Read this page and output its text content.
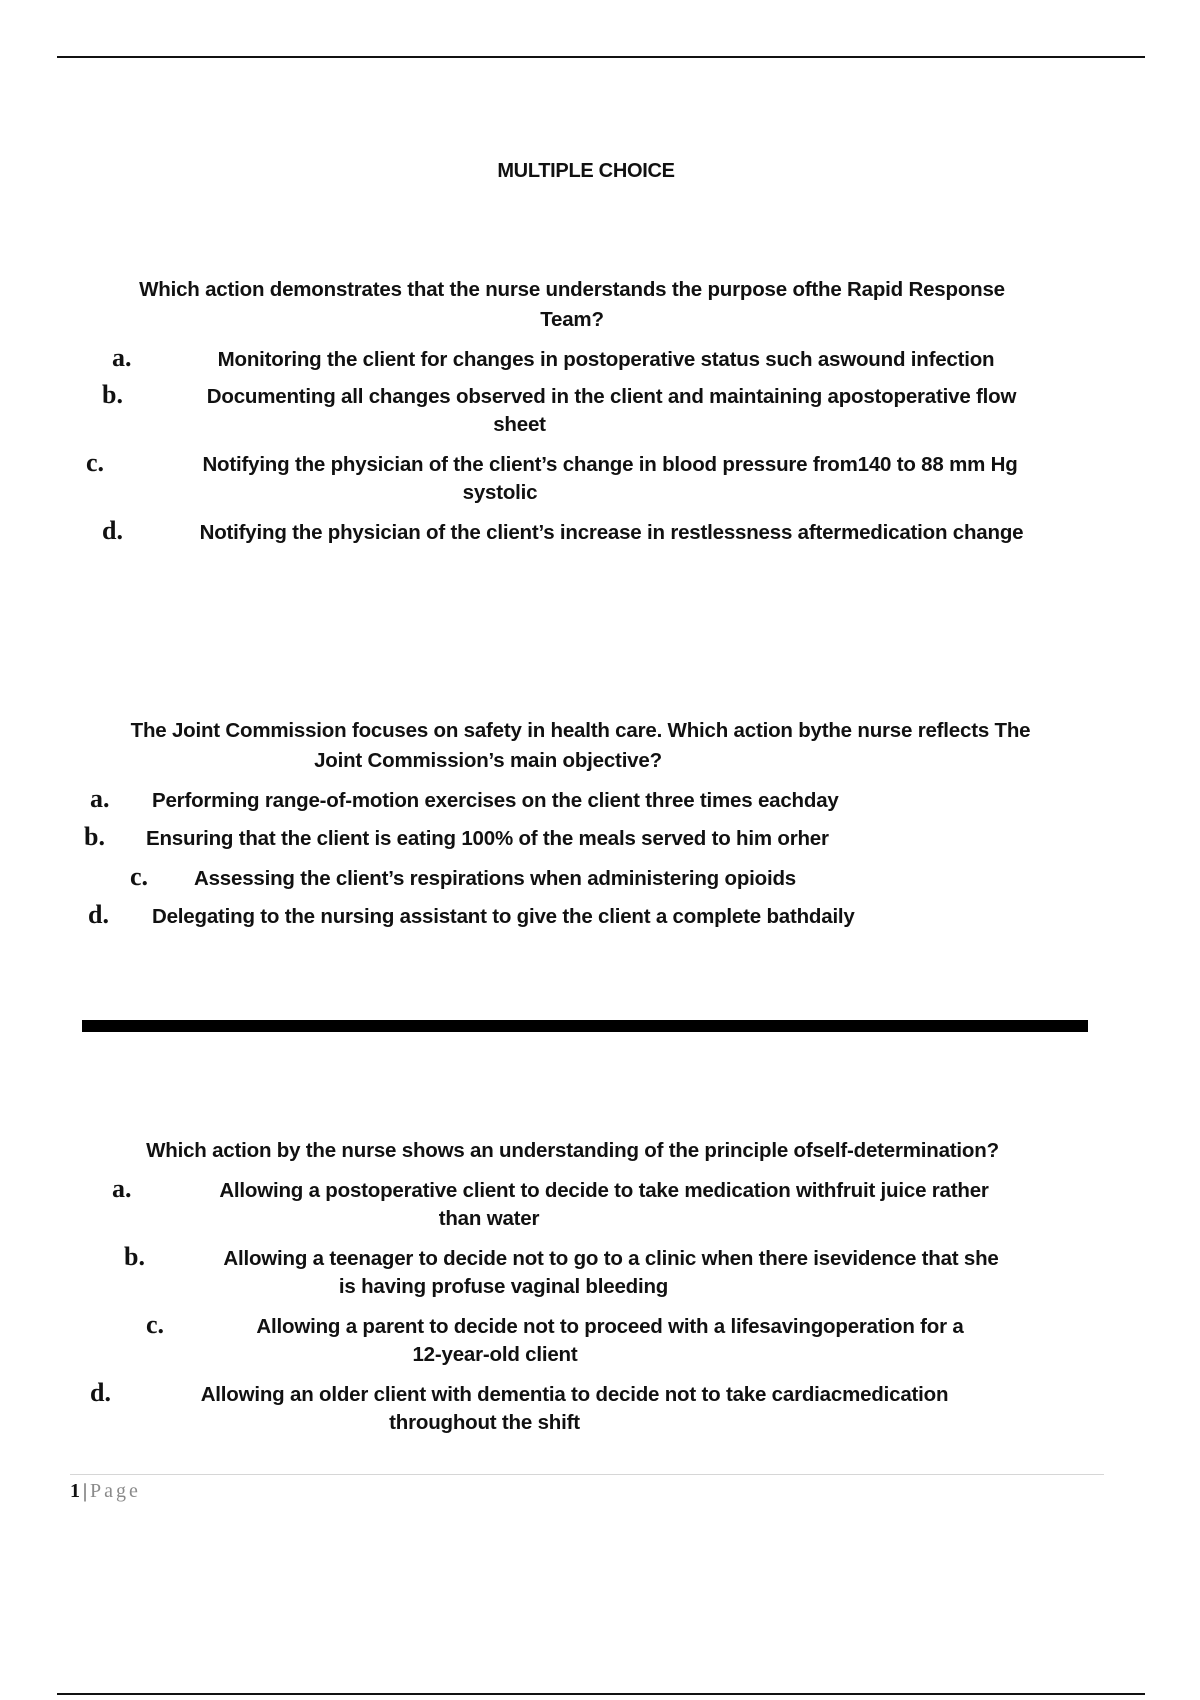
MULTIPLE CHOICE
Which action demonstrates that the nurse understands the purpose ofthe Rapid Response
Team?
a.	Monitoring the client for changes in postoperative status such aswound infection
b.	Documenting all changes observed in the client and maintaining apostoperative flow
sheet
c.	Notifying the physician of the client’s change in blood pressure from140 to 88 mm Hg
systolic
d.	Notifying the physician of the client’s increase in restlessness aftermedication change
The Joint Commission focuses on safety in health care. Which action bythe nurse reflects The
Joint Commission’s main objective?
a.	Performing range-of-motion exercises on the client three times eachday
b.	Ensuring that the client is eating 100% of the meals served to him orher
c.	Assessing the client’s respirations when administering opioids
d.	Delegating to the nursing assistant to give the client a complete bathdaily
Which action by the nurse shows an understanding of the principle ofself-determination?
a.	Allowing a postoperative client to decide to take medication withfruit juice rather
than water
b.	Allowing a teenager to decide not to go to a clinic when there isevidence that she
is having profuse vaginal bleeding
c.	Allowing a parent to decide not to proceed with a lifesavingoperation for a
12-year-old client
d.	Allowing an older client with dementia to decide not to take cardiacmedication
throughout the shift
1 | Page
